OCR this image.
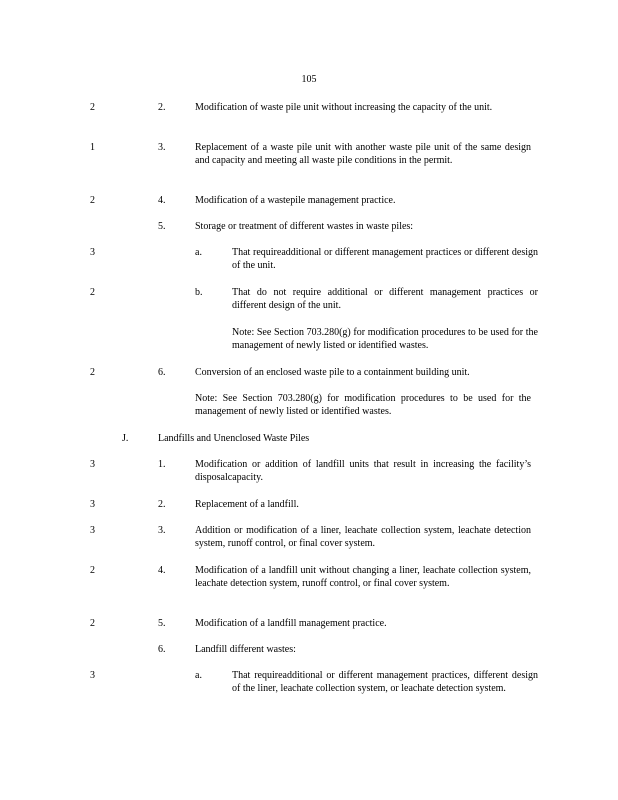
105
2	2.	Modification of waste pile unit without increasing the capacity of the unit.
1	3.	Replacement of a waste pile unit with another waste pile unit of the same design and capacity and meeting all waste pile conditions in the permit.
2	4.	Modification of a wastepile management practice.
5.	Storage or treatment of different wastes in waste piles:
3	a.	That requireadditional or different management practices or different design of the unit.
2	b.	That do not require additional or different management practices or different design of the unit.
Note: See Section 703.280(g) for modification procedures to be used for the management of newly listed or identified wastes.
2	6.	Conversion of an enclosed waste pile to a containment building unit.
Note: See Section 703.280(g) for modification procedures to be used for the management of newly listed or identified wastes.
J.	Landfills and Unenclosed Waste Piles
3	1.	Modification or addition of landfill units that result in increasing the facility’s disposalcapacity.
3	2.	Replacement of a landfill.
3	3.	Addition or modification of a liner, leachate collection system, leachate detection system, runoff control, or final cover system.
2	4.	Modification of a landfill unit without changing a liner, leachate collection system, leachate detection system, runoff control, or final cover system.
2	5.	Modification of a landfill management practice.
6.	Landfill different wastes:
3	a.	That requireadditional or different management practices, different design of the liner, leachate collection system, or leachate detection system.
